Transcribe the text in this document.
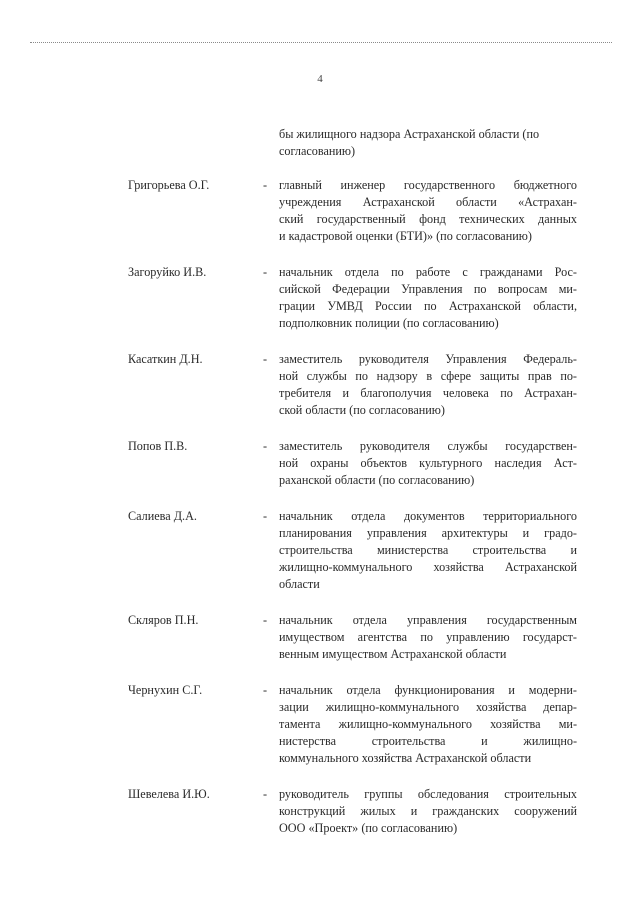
4
бы жилищного надзора Астраханской области (по
согласованию)
Григорьева О.Г.	- главный инженер государственного бюджетного
учреждения Астраханской области «Астрахан-
ский государственный фонд технических данных
и кадастровой оценки (БТИ)» (по согласованию)
Загоруйко И.В.	- начальник отдела по работе с гражданами Рос-
сийской Федерации Управления по вопросам ми-
грации УМВД России по Астраханской области,
подполковник полиции (по согласованию)
Касаткин Д.Н.	- заместитель руководителя Управления Федераль-
ной службы по надзору в сфере защиты прав по-
требителя и благополучия человека по Астрахан-
ской области (по согласованию)
Попов П.В.	- заместитель руководителя службы государствен-
ной охраны объектов культурного наследия Аст-
раханской области (по согласованию)
Салиева Д.А.	- начальник отдела документов территориального
планирования управления архитектуры и градо-
строительства министерства строительства и
жилищно-коммунального хозяйства Астраханской
области
Скляров П.Н.	- начальник отдела управления государственным
имуществом агентства по управлению государст-
венным имуществом Астраханской области
Чернухин С.Г.	- начальник отдела функционирования и модерни-
зации жилищно-коммунального хозяйства депар-
тамента жилищно-коммунального хозяйства ми-
нистерства строительства и жилищно-
коммунального хозяйства Астраханской области
Шевелева И.Ю.	- руководитель группы обследования строительных
конструкций жилых и гражданских сооружений
ООО «Проект» (по согласованию)
